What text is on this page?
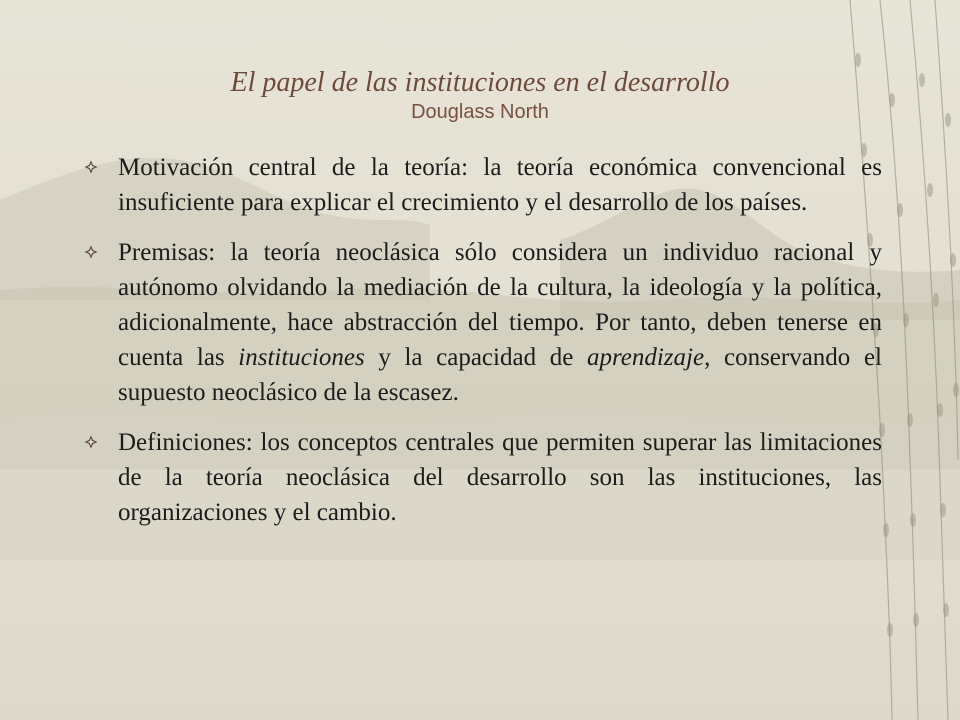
El papel de las instituciones en el desarrollo
Douglass North
Motivación central de la teoría: la teoría económica convencional es insuficiente para explicar el crecimiento y el desarrollo de los países.
Premisas: la teoría neoclásica sólo considera un individuo racional y autónomo olvidando la mediación de la cultura, la ideología y la política, adicionalmente, hace abstracción del tiempo. Por tanto, deben tenerse en cuenta las instituciones y la capacidad de aprendizaje, conservando el supuesto neoclásico de la escasez.
Definiciones: los conceptos centrales que permiten superar las limitaciones de la teoría neoclásica del desarrollo son las instituciones, las organizaciones y el cambio.
